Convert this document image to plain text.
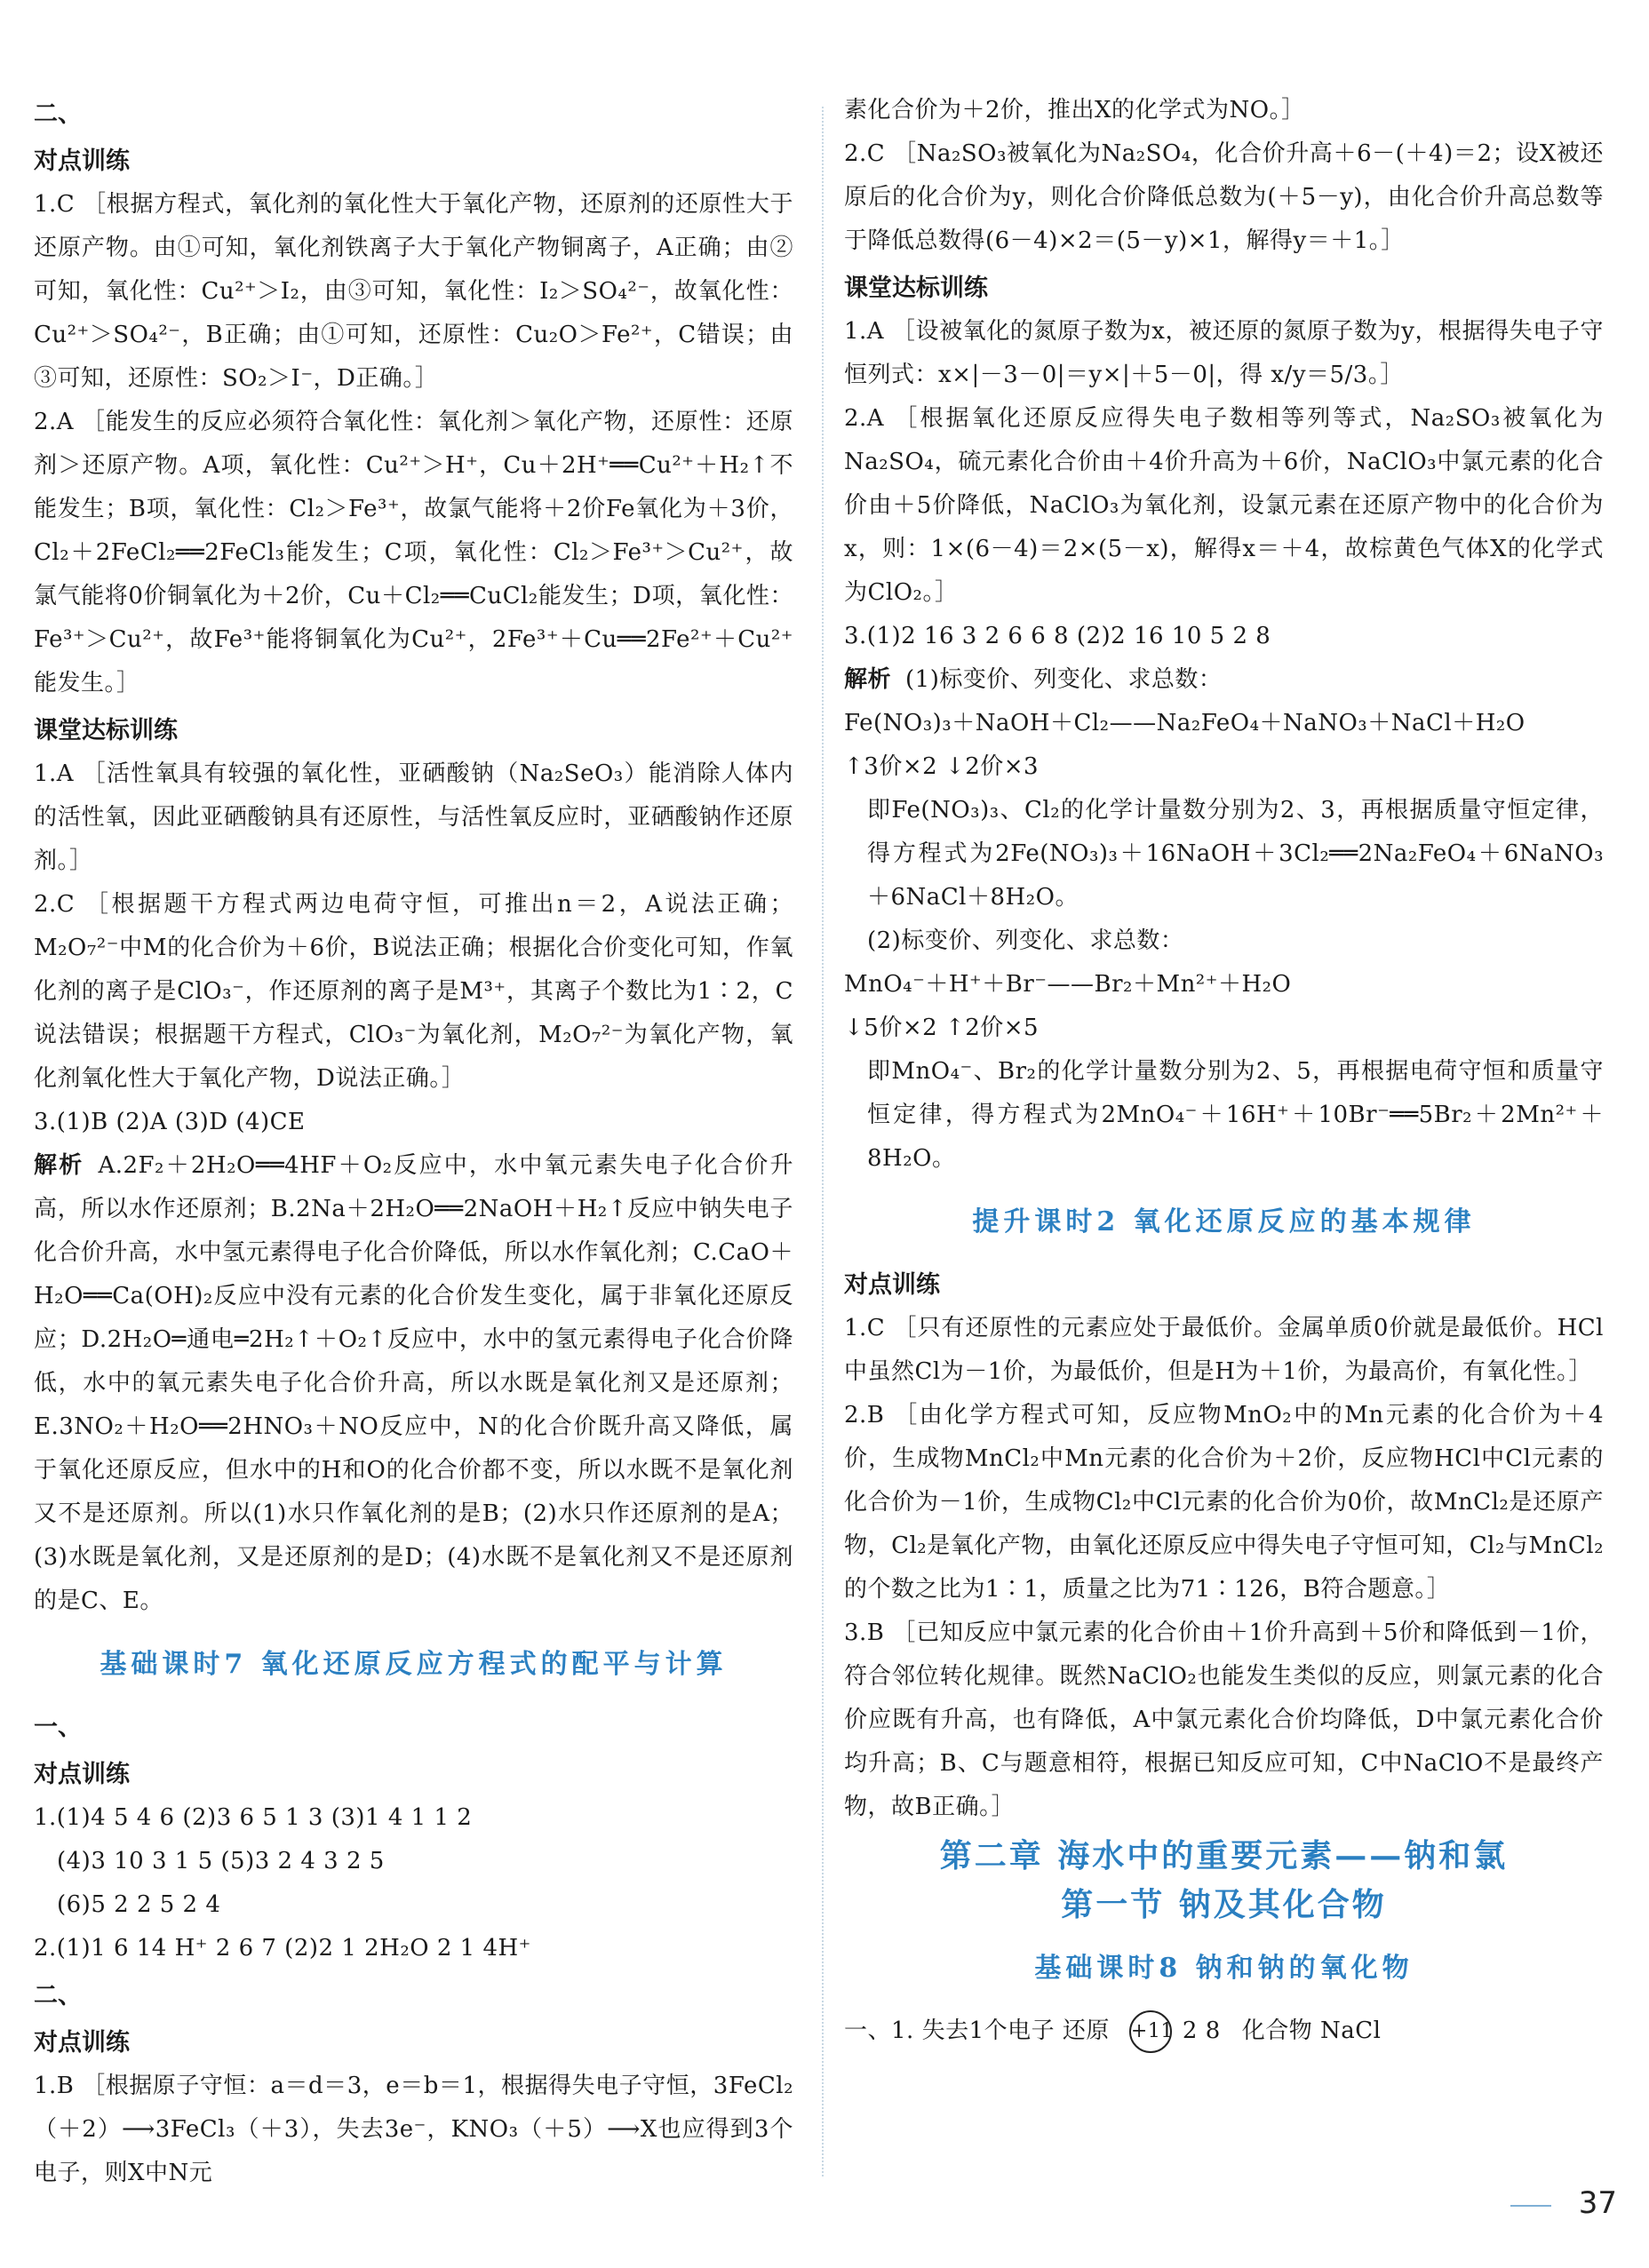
二、
对点训练
1.C ［根据方程式，氧化剂的氧化性大于氧化产物，还原剂的还原性大于还原产物。由①可知，氧化剂铁离子大于氧化产物铜离子，A正确；由②可知，氧化性：Cu²⁺＞I₂，由③可知，氧化性：I₂＞SO₄²⁻，故氧化性：Cu²⁺＞SO₄²⁻，B正确；由①可知，还原性：Cu₂O＞Fe²⁺，C错误；由③可知，还原性：SO₂＞I⁻，D正确。］
2.A ［能发生的反应必须符合氧化性：氧化剂＞氧化产物，还原性：还原剂＞还原产物。A项，氧化性：Cu²⁺＞H⁺，Cu＋2H⁺══Cu²⁺＋H₂↑不能发生；B项，氧化性：Cl₂＞Fe³⁺，故氯气能将＋2价Fe氧化为＋3价，Cl₂＋2FeCl₂══2FeCl₃能发生；C项，氧化性：Cl₂＞Fe³⁺＞Cu²⁺，故氯气能将0价铜氧化为＋2价，Cu＋Cl₂══CuCl₂能发生；D项，氧化性：Fe³⁺＞Cu²⁺，故Fe³⁺能将铜氧化为Cu²⁺，2Fe³⁺＋Cu══2Fe²⁺＋Cu²⁺能发生。］
课堂达标训练
1.A ［活性氧具有较强的氧化性，亚硒酸钠（Na₂SeO₃）能消除人体内的活性氧，因此亚硒酸钠具有还原性，与活性氧反应时，亚硒酸钠作还原剂。］
2.C ［根据题干方程式两边电荷守恒，可推出n＝2，A说法正确；M₂O₇²⁻中M的化合价为＋6价，B说法正确；根据化合价变化可知，作氧化剂的离子是ClO₃⁻，作还原剂的离子是M³⁺，其离子个数比为1∶2，C说法错误；根据题干方程式，ClO₃⁻为氧化剂，M₂O₇²⁻为氧化产物，氧化剂氧化性大于氧化产物，D说法正确。］
3.(1)B (2)A (3)D (4)CE
解析 A.2F₂＋2H₂O══4HF＋O₂反应中，水中氧元素失电子化合价升高，所以水作还原剂；B.2Na＋2H₂O══2NaOH＋H₂↑反应中钠失电子化合价升高，水中氢元素得电子化合价降低，所以水作氧化剂；C.CaO＋H₂O══Ca(OH)₂反应中没有元素的化合价发生变化，属于非氧化还原反应；D.2H₂O═通电═2H₂↑＋O₂↑反应中，水中的氢元素得电子化合价降低，水中的氧元素失电子化合价升高，所以水既是氧化剂又是还原剂；E.3NO₂＋H₂O══2HNO₃＋NO反应中，N的化合价既升高又降低，属于氧化还原反应，但水中的H和O的化合价都不变，所以水既不是氧化剂又不是还原剂。所以(1)水只作氧化剂的是B；(2)水只作还原剂的是A；(3)水既是氧化剂，又是还原剂的是D；(4)水既不是氧化剂又不是还原剂的是C、E。
基础课时7 氧化还原反应方程式的配平与计算
一、
对点训练
1.(1)4 5 4 6 (2)3 6 5 1 3 (3)1 4 1 1 2
(4)3 10 3 1 5 (5)3 2 4 3 2 5
(6)5 2 2 5 2 4
2.(1)1 6 14 H⁺ 2 6 7 (2)2 1 2H₂O 2 1 4H⁺
二、
对点训练
1.B ［根据原子守恒：a＝d＝3，e＝b＝1，根据得失电子守恒，3FeCl₂（＋2）⟶3FeCl₃（＋3），失去3e⁻，KNO₃（＋5）⟶X也应得到3个电子，则X中N元
素化合价为＋2价，推出X的化学式为NO。］
2.C ［Na₂SO₃被氧化为Na₂SO₄，化合价升高＋6－(＋4)＝2；设X被还原后的化合价为y，则化合价降低总数为(＋5－y)，由化合价升高总数等于降低总数得(6－4)×2＝(5－y)×1，解得y＝＋1。］
课堂达标训练
1.A ［设被氧化的氮原子数为x，被还原的氮原子数为y，根据得失电子守恒列式：x×|－3－0|＝y×|＋5－0|，得 x/y＝5/3。］
2.A ［根据氧化还原反应得失电子数相等列等式，Na₂SO₃被氧化为Na₂SO₄，硫元素化合价由＋4价升高为＋6价，NaClO₃中氯元素的化合价由＋5价降低，NaClO₃为氧化剂，设氯元素在还原产物中的化合价为x，则：1×(6－4)＝2×(5－x)，解得x＝＋4，故棕黄色气体X的化学式为ClO₂。］
3.(1)2 16 3 2 6 6 8 (2)2 16 10 5 2 8
解析 (1)标变价、列变化、求总数：
Fe(NO₃)₃＋NaOH＋Cl₂——Na₂FeO₄＋NaNO₃＋NaCl＋H₂O
↑3价×2 ↓2价×3
即Fe(NO₃)₃、Cl₂的化学计量数分别为2、3，再根据质量守恒定律，得方程式为2Fe(NO₃)₃＋16NaOH＋3Cl₂══2Na₂FeO₄＋6NaNO₃＋6NaCl＋8H₂O。
(2)标变价、列变化、求总数：
MnO₄⁻＋H⁺＋Br⁻——Br₂＋Mn²⁺＋H₂O
↓5价×2 ↑2价×5
即MnO₄⁻、Br₂的化学计量数分别为2、5，再根据电荷守恒和质量守恒定律，得方程式为2MnO₄⁻＋16H⁺＋10Br⁻══5Br₂＋2Mn²⁺＋8H₂O。
提升课时2 氧化还原反应的基本规律
对点训练
1.C ［只有还原性的元素应处于最低价。金属单质0价就是最低价。HCl中虽然Cl为－1价，为最低价，但是H为＋1价，为最高价，有氧化性。］
2.B ［由化学方程式可知，反应物MnO₂中的Mn元素的化合价为＋4价，生成物MnCl₂中Mn元素的化合价为＋2价，反应物HCl中Cl元素的化合价为－1价，生成物Cl₂中Cl元素的化合价为0价，故MnCl₂是还原产物，Cl₂是氧化产物，由氧化还原反应中得失电子守恒可知，Cl₂与MnCl₂的个数之比为1∶1，质量之比为71∶126，B符合题意。］
3.B ［已知反应中氯元素的化合价由＋1价升高到＋5价和降低到－1价，符合邻位转化规律。既然NaClO₂也能发生类似的反应，则氯元素的化合价应既有升高，也有降低，A中氯元素化合价均降低，D中氯元素化合价均升高；B、C与题意相符，根据已知反应可知，C中NaClO不是最终产物，故B正确。］
第二章 海水中的重要元素——钠和氯
第一节 钠及其化合物
基础课时8 钠和钠的氧化物
一、1. 失去1个电子 还原 +11 2 8 化合物 NaCl
37
